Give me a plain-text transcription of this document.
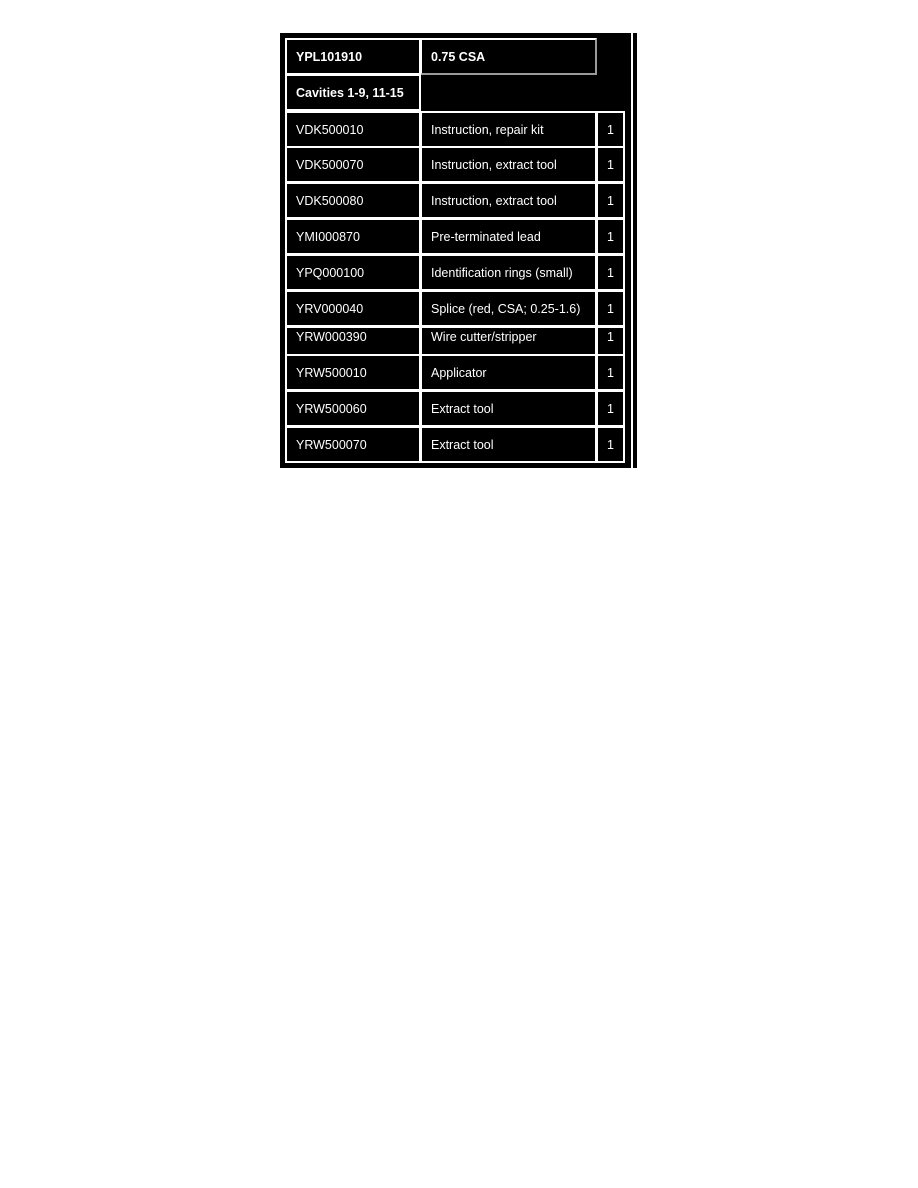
YPL101910	0.75 CSA
Cavities 1-9, 11-15
VDK500010	Instruction, repair kit	1
VDK500070	Instruction, extract tool	1
VDK500080	Instruction, extract tool	1
YMI000870	Pre-terminated lead	1
YPQ000100	Identification rings (small)	1
YRV000040	Splice (red, CSA; 0.25-1.6)	1
YRW000390	Wire cutter/stripper	1
YRW500010	Applicator	1
YRW500060	Extract tool	1
YRW500070	Extract tool	1
